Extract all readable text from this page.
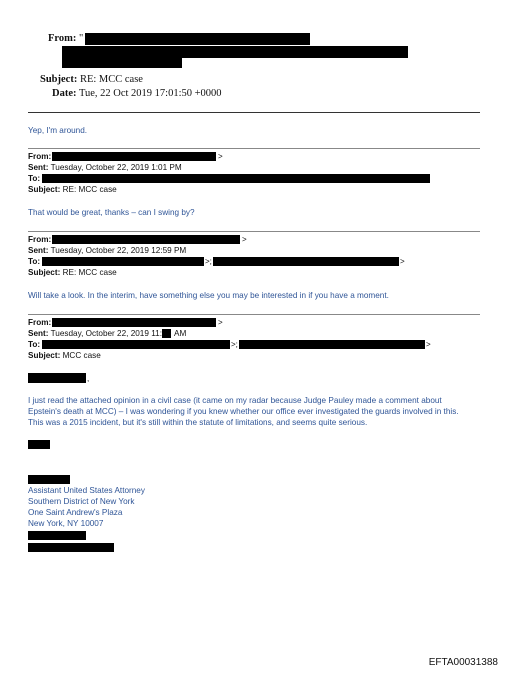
From: "
Subject: RE: MCC case
Date: Tue, 22 Oct 2019 17:01:50 +0000
Yep, I'm around.
From:	>
Sent: Tuesday, October 22, 2019 1:01 PM
To:
Subject: RE: MCC case
That would be great, thanks – can I swing by?
From:	>
Sent: Tuesday, October 22, 2019 12:59 PM
To:	>;	>
Subject: RE: MCC case
Will take a look. In the interim, have something else you may be interested in if you have a moment.
From:	>
Sent: Tuesday, October 22, 2019 11: AM
To:	>;	>
Subject: MCC case
,
I just read the attached opinion in a civil case (it came on my radar because Judge Pauley made a comment about
Epstein's death at MCC) – I was wondering if you knew whether our office ever investigated the guards involved in this.
This was a 2015 incident, but it's still within the statute of limitations, and seems quite serious.
Assistant United States Attorney
Southern District of New York
One Saint Andrew's Plaza
New York, NY 10007
EFTA00031388
